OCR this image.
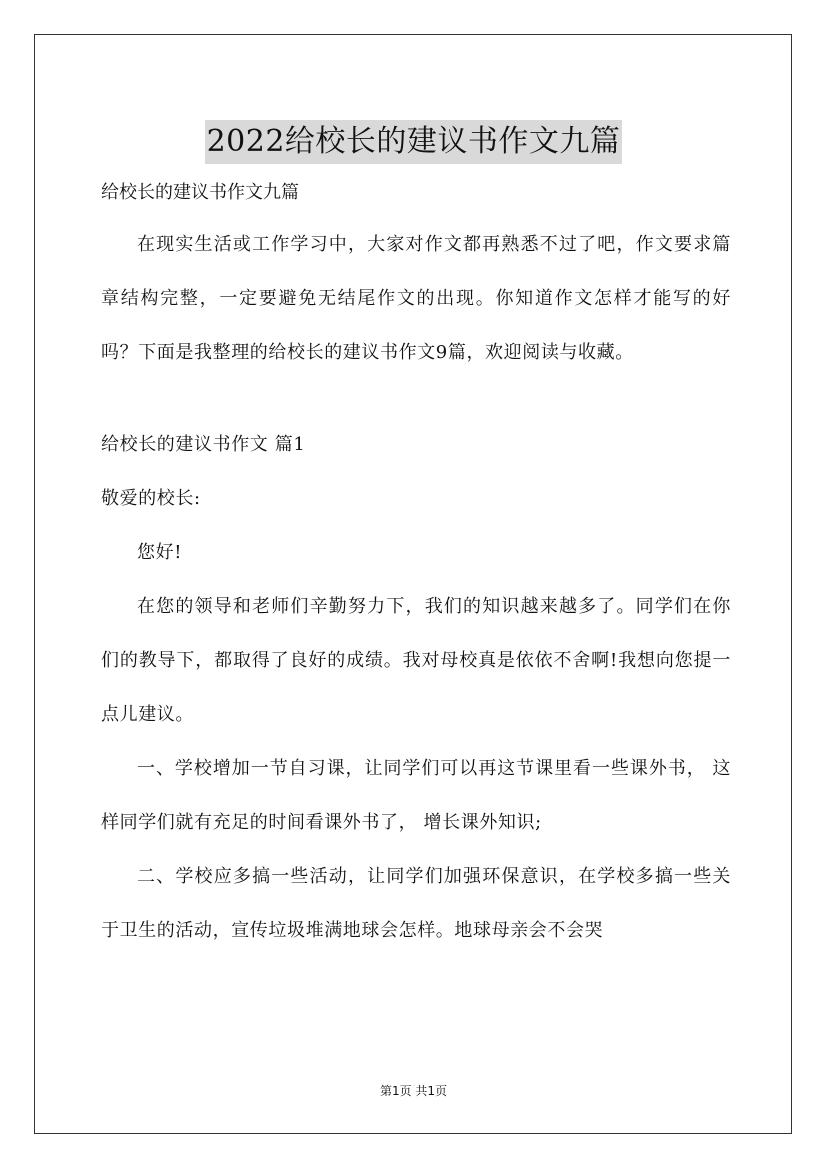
2022给校长的建议书作文九篇

给校长的建议书作文九篇

在现实生活或工作学习中，大家对作文都再熟悉不过了吧，作文要求篇章结构完整，一定要避免无结尾作文的出现。你知道作文怎样才能写的好吗？下面是我整理的给校长的建议书作文9篇，欢迎阅读与收藏。

给校长的建议书作文 篇1

敬爱的校长:

您好!

在您的领导和老师们辛勤努力下，我们的知识越来越多了。同学们在你们的教导下，都取得了良好的成绩。我对母校真是依依不舍啊!我想向您提一点儿建议。

一、学校增加一节自习课，让同学们可以再这节课里看一些课外书， 这样同学们就有充足的时间看课外书了， 增长课外知识;

二、学校应多搞一些活动，让同学们加强环保意识，在学校多搞一些关于卫生的活动，宣传垃圾堆满地球会怎样。地球母亲会不会哭

第1页 共1页
